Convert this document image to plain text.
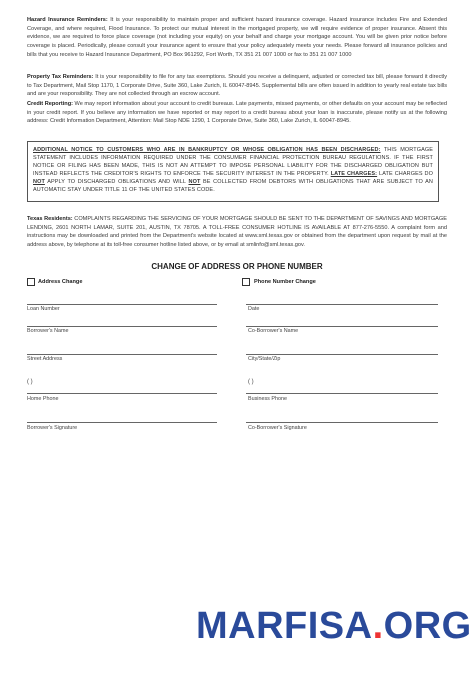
Hazard Insurance Reminders: It is your responsibility to maintain proper and sufficient hazard insurance coverage. Hazard insurance includes Fire and Extended Coverage, and where required, Flood Insurance. To protect our mutual interest in the mortgaged property, we will require evidence of proper insurance. Absent this evidence, we are required to force place coverage (not including your equity) on your behalf and charge your mortgage account. You will be given prior notice before coverage is placed. Periodically, please consult your insurance agent to ensure that your policy adequately meets your needs. Please forward all insurance policies and bills that you receive to Hazard Insurance Department, PO Box 961292, Fort Worth, TX 351 21 007 1000 or fax to 351 21 007 1000
Property Tax Reminders: It is your responsibility to file for any tax exemptions. Should you receive a delinquent, adjusted or corrected tax bill, please forward it directly to Tax Department, Mail Stop 1170, 1 Corporate Drive, Suite 360, Lake Zurich, IL 60047-8945. Supplemental bills are often issued in addition to yearly real estate tax bills and are your responsibility. They are not collected through an escrow account.
Credit Reporting: We may report information about your account to credit bureaus. Late payments, missed payments, or other defaults on your account may be reflected in your credit report. If you believe any information we have reported or may report to a credit bureau about your loan is inaccurate, please notify us at the following address: Credit Information Department, Attention: Mail Stop NDE 1290, 1 Corporate Drive, Suite 360, Lake Zurich, IL 60047-8945.
ADDITIONAL NOTICE TO CUSTOMERS WHO ARE IN BANKRUPTCY OR WHOSE OBLIGATION HAS BEEN DISCHARGED: THIS MORTGAGE STATEMENT INCLUDES INFORMATION REQUIRED UNDER THE CONSUMER FINANCIAL PROTECTION BUREAU REGULATIONS. IF THE FIRST NOTICE OR FILING HAS BEEN MADE, THIS IS NOT AN ATTEMPT TO IMPOSE PERSONAL LIABILITY FOR THE DISCHARGED OBLIGATION BUT INSTEAD REFLECTS THE CREDITOR'S RIGHTS TO ENFORCE THE SECURITY INTEREST IN THE PROPERTY. LATE CHARGES: LATE CHARGES DO NOT APPLY TO DISCHARGED OBLIGATIONS AND WILL NOT BE COLLECTED FROM DEBTORS WITH OBLIGATIONS THAT ARE SUBJECT TO AN AUTOMATIC STAY UNDER TITLE 11 OF THE UNITED STATES CODE.
Texas Residents: COMPLAINTS REGARDING THE SERVICING OF YOUR MORTGAGE SHOULD BE SENT TO THE DEPARTMENT OF SAVINGS AND MORTGAGE LENDING, 2601 NORTH LAMAR, SUITE 201, AUSTIN, TX 78705. A TOLL-FREE CONSUMER HOTLINE IS AVAILABLE AT 877-276-5550. A complaint form and instructions may be downloaded and printed from the Department's website located at www.sml.texas.gov or obtained from the department upon request by mail at the address above, by telephone at its toll-free consumer hotline listed above, or by email at smlinfo@sml.texas.gov.
CHANGE OF ADDRESS OR PHONE NUMBER
Address Change	Phone Number Change
Loan Number	Date
Borrower's Name	Co-Borrower's Name
Street Address	City/State/Zip
( )	( )
Home Phone	Business Phone
Borrower's Signature	Co-Borrower's Signature
MARFISA.ORG
